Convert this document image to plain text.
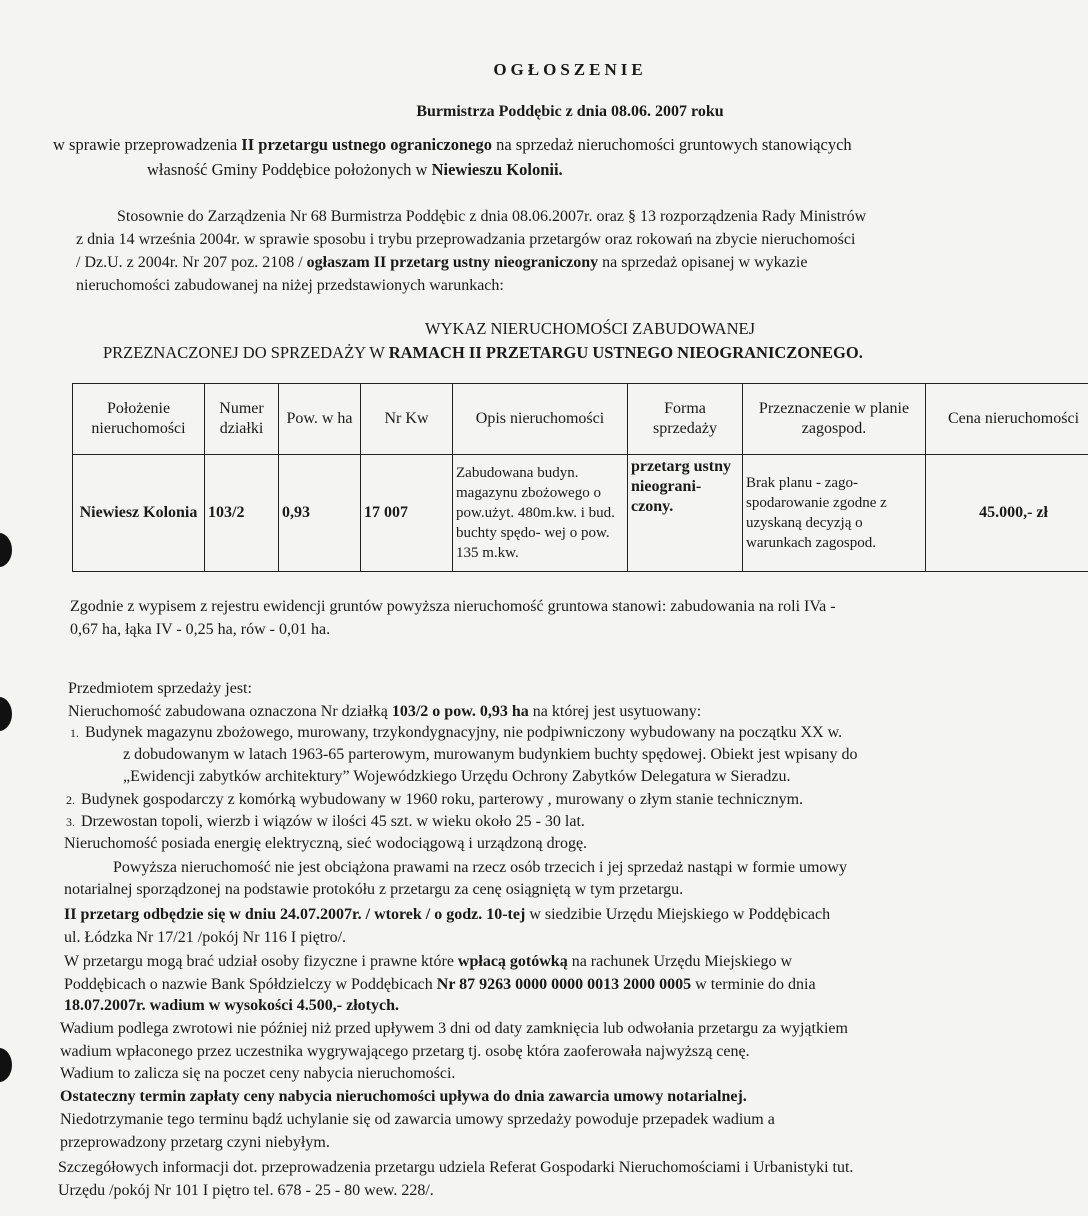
OGŁOSZENIE
Burmistrza Poddębic z dnia 08.06. 2007 roku
w sprawie przeprowadzenia II przetargu ustnego ograniczonego na sprzedaż nieruchomości gruntowych stanowiących
własność Gminy Poddębice położonych w Niewieszu Kolonii.
Stosownie do Zarządzenia Nr 68 Burmistrza Poddębic z dnia 08.06.2007r. oraz § 13 rozporządzenia Rady Ministrów
z dnia 14 września 2004r. w sprawie sposobu i trybu przeprowadzania przetargów oraz rokowań na zbycie nieruchomości
/ Dz.U. z 2004r. Nr 207 poz. 2108 / ogłaszam II przetarg ustny nieograniczony na sprzedaż opisanej w wykazie
nieruchomości zabudowanej na niżej przedstawionych warunkach:
WYKAZ NIERUCHOMOŚCI ZABUDOWANEJ
PRZEZNACZONEJ DO SPRZEDAŻY W RAMACH II PRZETARGU USTNEGO NIEOGRANICZONEGO.
Położenie nieruchomości	Numer działki	Pow. w ha	Nr Kw	Opis nieruchomości	Forma sprzedaży	Przeznaczenie w planie zagospod.	Cena nieruchomości
Niewiesz Kolonia	103/2	0,93	17 007	Zabudowana budyn. magazynu zbożowego o pow.użyt. 480m.kw. i bud. buchty spędo- wej o pow. 135 m.kw.	przetarg ustny nieograni- czony.	Brak planu - zago- spodarowanie zgodne z uzyskaną decyzją o warunkach zagospod.	45.000,- zł
Zgodnie z wypisem z rejestru ewidencji gruntów powyższa nieruchomość gruntowa stanowi: zabudowania na roli IVa -
0,67 ha, łąka IV - 0,25 ha, rów - 0,01 ha.
Przedmiotem sprzedaży jest:
Nieruchomość zabudowana oznaczona Nr działką 103/2 o pow. 0,93 ha na której jest usytuowany:
1. Budynek magazynu zbożowego, murowany, trzykondygnacyjny, nie podpiwniczony wybudowany na początku XX w.
z dobudowanym w latach 1963-65 parterowym, murowanym budynkiem buchty spędowej. Obiekt jest wpisany do
„Ewidencji zabytków architektury” Wojewódzkiego Urzędu Ochrony Zabytków Delegatura w Sieradzu.
2. Budynek gospodarczy z komórką wybudowany w 1960 roku, parterowy , murowany o złym stanie technicznym.
3. Drzewostan topoli, wierzb i wiązów w ilości 45 szt. w wieku około 25 - 30 lat.
Nieruchomość posiada energię elektryczną, sieć wodociągową i urządzoną drogę.
Powyższa nieruchomość nie jest obciążona prawami na rzecz osób trzecich i jej sprzedaż nastąpi w formie umowy
notarialnej sporządzonej na podstawie protokółu z przetargu za cenę osiągniętą w tym przetargu.
II przetarg odbędzie się w dniu 24.07.2007r. / wtorek / o godz. 10-tej w siedzibie Urzędu Miejskiego w Poddębicach
ul. Łódzka Nr 17/21 /pokój Nr 116 I piętro/.
W przetargu mogą brać udział osoby fizyczne i prawne które wpłacą gotówką na rachunek Urzędu Miejskiego w
Poddębicach o nazwie Bank Spółdzielczy w Poddębicach Nr 87 9263 0000 0000 0013 2000 0005 w terminie do dnia
18.07.2007r. wadium w wysokości 4.500,- złotych.
Wadium podlega zwrotowi nie później niż przed upływem 3 dni od daty zamknięcia lub odwołania przetargu za wyjątkiem
wadium wpłaconego przez uczestnika wygrywającego przetarg tj. osobę która zaoferowała najwyższą cenę.
Wadium to zalicza się na poczet ceny nabycia nieruchomości.
Ostateczny termin zapłaty ceny nabycia nieruchomości upływa do dnia zawarcia umowy notarialnej.
Niedotrzymanie tego terminu bądź uchylanie się od zawarcia umowy sprzedaży powoduje przepadek wadium a
przeprowadzony przetarg czyni niebyłym.
Szczegółowych informacji dot. przeprowadzenia przetargu udziela Referat Gospodarki Nieruchomościami i Urbanistyki tut.
Urzędu /pokój Nr 101 I piętro tel. 678 - 25 - 80 wew. 228/.
